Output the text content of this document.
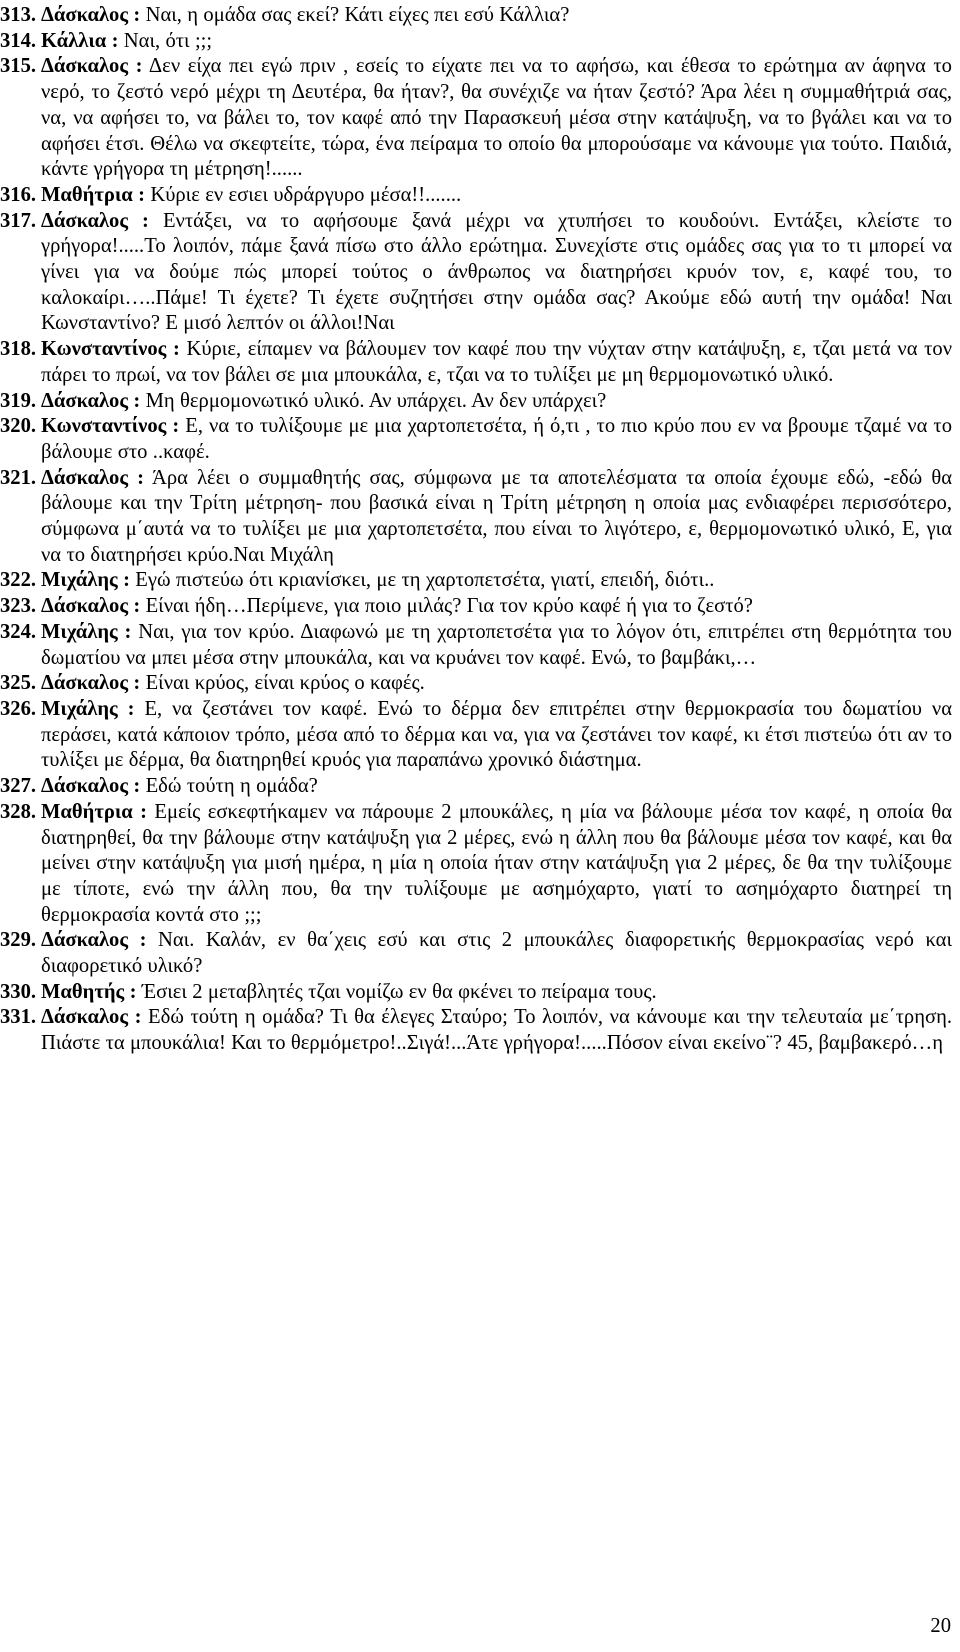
313. Δάσκαλος : Ναι, η ομάδα σας εκεί? Κάτι είχες πει εσύ Κάλλια?

314. Κάλλια : Ναι, ότι ;;;

315. Δάσκαλος : Δεν είχα πει εγώ πριν , εσείς το είχατε πει να το αφήσω, και έθεσα το ερώτημα αν άφηνα το νερό, το ζεστό νερό μέχρι τη Δευτέρα, θα ήταν?, θα συνέχιζε να ήταν ζεστό? Άρα λέει η συμμαθήτριά σας, να, να αφήσει το, να βάλει το, τον καφέ από την Παρασκευή μέσα στην κατάψυξη, να το βγάλει και να το αφήσει έτσι. Θέλω να σκεφτείτε, τώρα, ένα πείραμα το οποίο θα μπορούσαμε να κάνουμε για τούτο. Παιδιά, κάντε γρήγορα τη μέτρηση!......

316. Μαθήτρια : Κύριε εν εσιει υδράργυρο μέσα!!.......

317. Δάσκαλος : Εντάξει, να το αφήσουμε ξανά μέχρι να χτυπήσει το κουδούνι. Εντάξει, κλείστε το γρήγορα!.....Το λοιπόν, πάμε ξανά πίσω στο άλλο ερώτημα. Συνεχίστε στις ομάδες σας για το τι μπορεί να γίνει για να δούμε πώς μπορεί τούτος ο άνθρωπος να διατηρήσει κρυόν τον, ε, καφέ του, το καλοκαίρι…..Πάμε! Τι έχετε? Τι έχετε συζητήσει στην ομάδα σας? Ακούμε εδώ αυτή την ομάδα! Ναι Κωνσταντίνο? Ε μισό λεπτόν οι άλλοι!Ναι

318. Κωνσταντίνος : Κύριε, είπαμεν να βάλουμεν τον καφέ που την νύχταν στην κατάψυξη, ε, τζαι μετά να τον πάρει το πρωί, να τον βάλει σε μια μπουκάλα, ε, τζαι να το τυλίξει με μη θερμομονωτικό υλικό.

319. Δάσκαλος : Μη θερμομονωτικό υλικό. Αν υπάρχει. Αν δεν υπάρχει?

320. Κωνσταντίνος : Ε, να το τυλίξουμε με μια χαρτοπετσέτα, ή ό,τι , το πιο κρύο που εν να βρουμε τζαμέ να το βάλουμε στο ..καφέ.

321. Δάσκαλος : Άρα λέει ο συμμαθητής σας, σύμφωνα με τα αποτελέσματα τα οποία έχουμε εδώ, -εδώ θα βάλουμε και την Τρίτη μέτρηση- που βασικά είναι η Τρίτη μέτρηση η οποία μας ενδιαφέρει περισσότερο, σύμφωνα μ΄αυτά να το τυλίξει με μια χαρτοπετσέτα, που είναι το λιγότερο, ε, θερμομονωτικό υλικό, Ε, για να το διατηρήσει κρύο.Ναι Μιχάλη

322. Μιχάλης : Εγώ πιστεύω ότι κριανίσκει, με τη χαρτοπετσέτα, γιατί, επειδή, διότι..

323. Δάσκαλος : Είναι ήδη…Περίμενε, για ποιο μιλάς? Για τον κρύο καφέ ή για το ζεστό?

324. Μιχάλης : Ναι, για τον κρύο. Διαφωνώ με τη χαρτοπετσέτα για το λόγον ότι, επιτρέπει στη θερμότητα του δωματίου να μπει μέσα στην μπουκάλα, και να κρυάνει τον καφέ. Ενώ, το βαμβάκι,…

325. Δάσκαλος : Είναι κρύος, είναι κρύος ο καφές.

326. Μιχάλης : Ε, να ζεστάνει τον καφέ. Ενώ το δέρμα δεν επιτρέπει στην θερμοκρασία του δωματίου να περάσει, κατά κάποιον τρόπο, μέσα από το δέρμα και να, για να ζεστάνει τον καφέ, κι έτσι πιστεύω ότι αν το τυλίξει με δέρμα, θα διατηρηθεί κρυός για παραπάνω χρονικό διάστημα.

327. Δάσκαλος : Εδώ τούτη η ομάδα?

328. Μαθήτρια : Εμείς εσκεφτήκαμεν να πάρουμε 2 μπουκάλες, η μία να βάλουμε μέσα τον καφέ, η οποία θα διατηρηθεί, θα την βάλουμε στην κατάψυξη για 2 μέρες, ενώ η άλλη που θα βάλουμε μέσα τον καφέ, και θα μείνει στην κατάψυξη για μισή ημέρα, η μία η οποία ήταν στην κατάψυξη για 2 μέρες, δε θα την τυλίξουμε με τίποτε, ενώ την άλλη που, θα την τυλίξουμε με ασημόχαρτο, γιατί το ασημόχαρτο διατηρεί τη θερμοκρασία κοντά στο ;;;

329. Δάσκαλος : Ναι. Καλάν, εν θα΄χεις εσύ και στις 2 μπουκάλες διαφορετικής θερμοκρασίας νερό και διαφορετικό υλικό?

330. Μαθητής : Έσιει 2 μεταβλητές τζαι νομίζω εν θα φκένει το πείραμα τους.

331. Δάσκαλος : Εδώ τούτη η ομάδα? Τι θα έλεγες Σταύρο; Το λοιπόν, να κάνουμε και την τελευταία με΄τρηση. Πιάστε τα μπουκάλια! Και το θερμόμετρο!..Σιγά!...Άτε γρήγορα!.....Πόσον είναι εκείνο¨? 45, βαμβακερό…η

20
